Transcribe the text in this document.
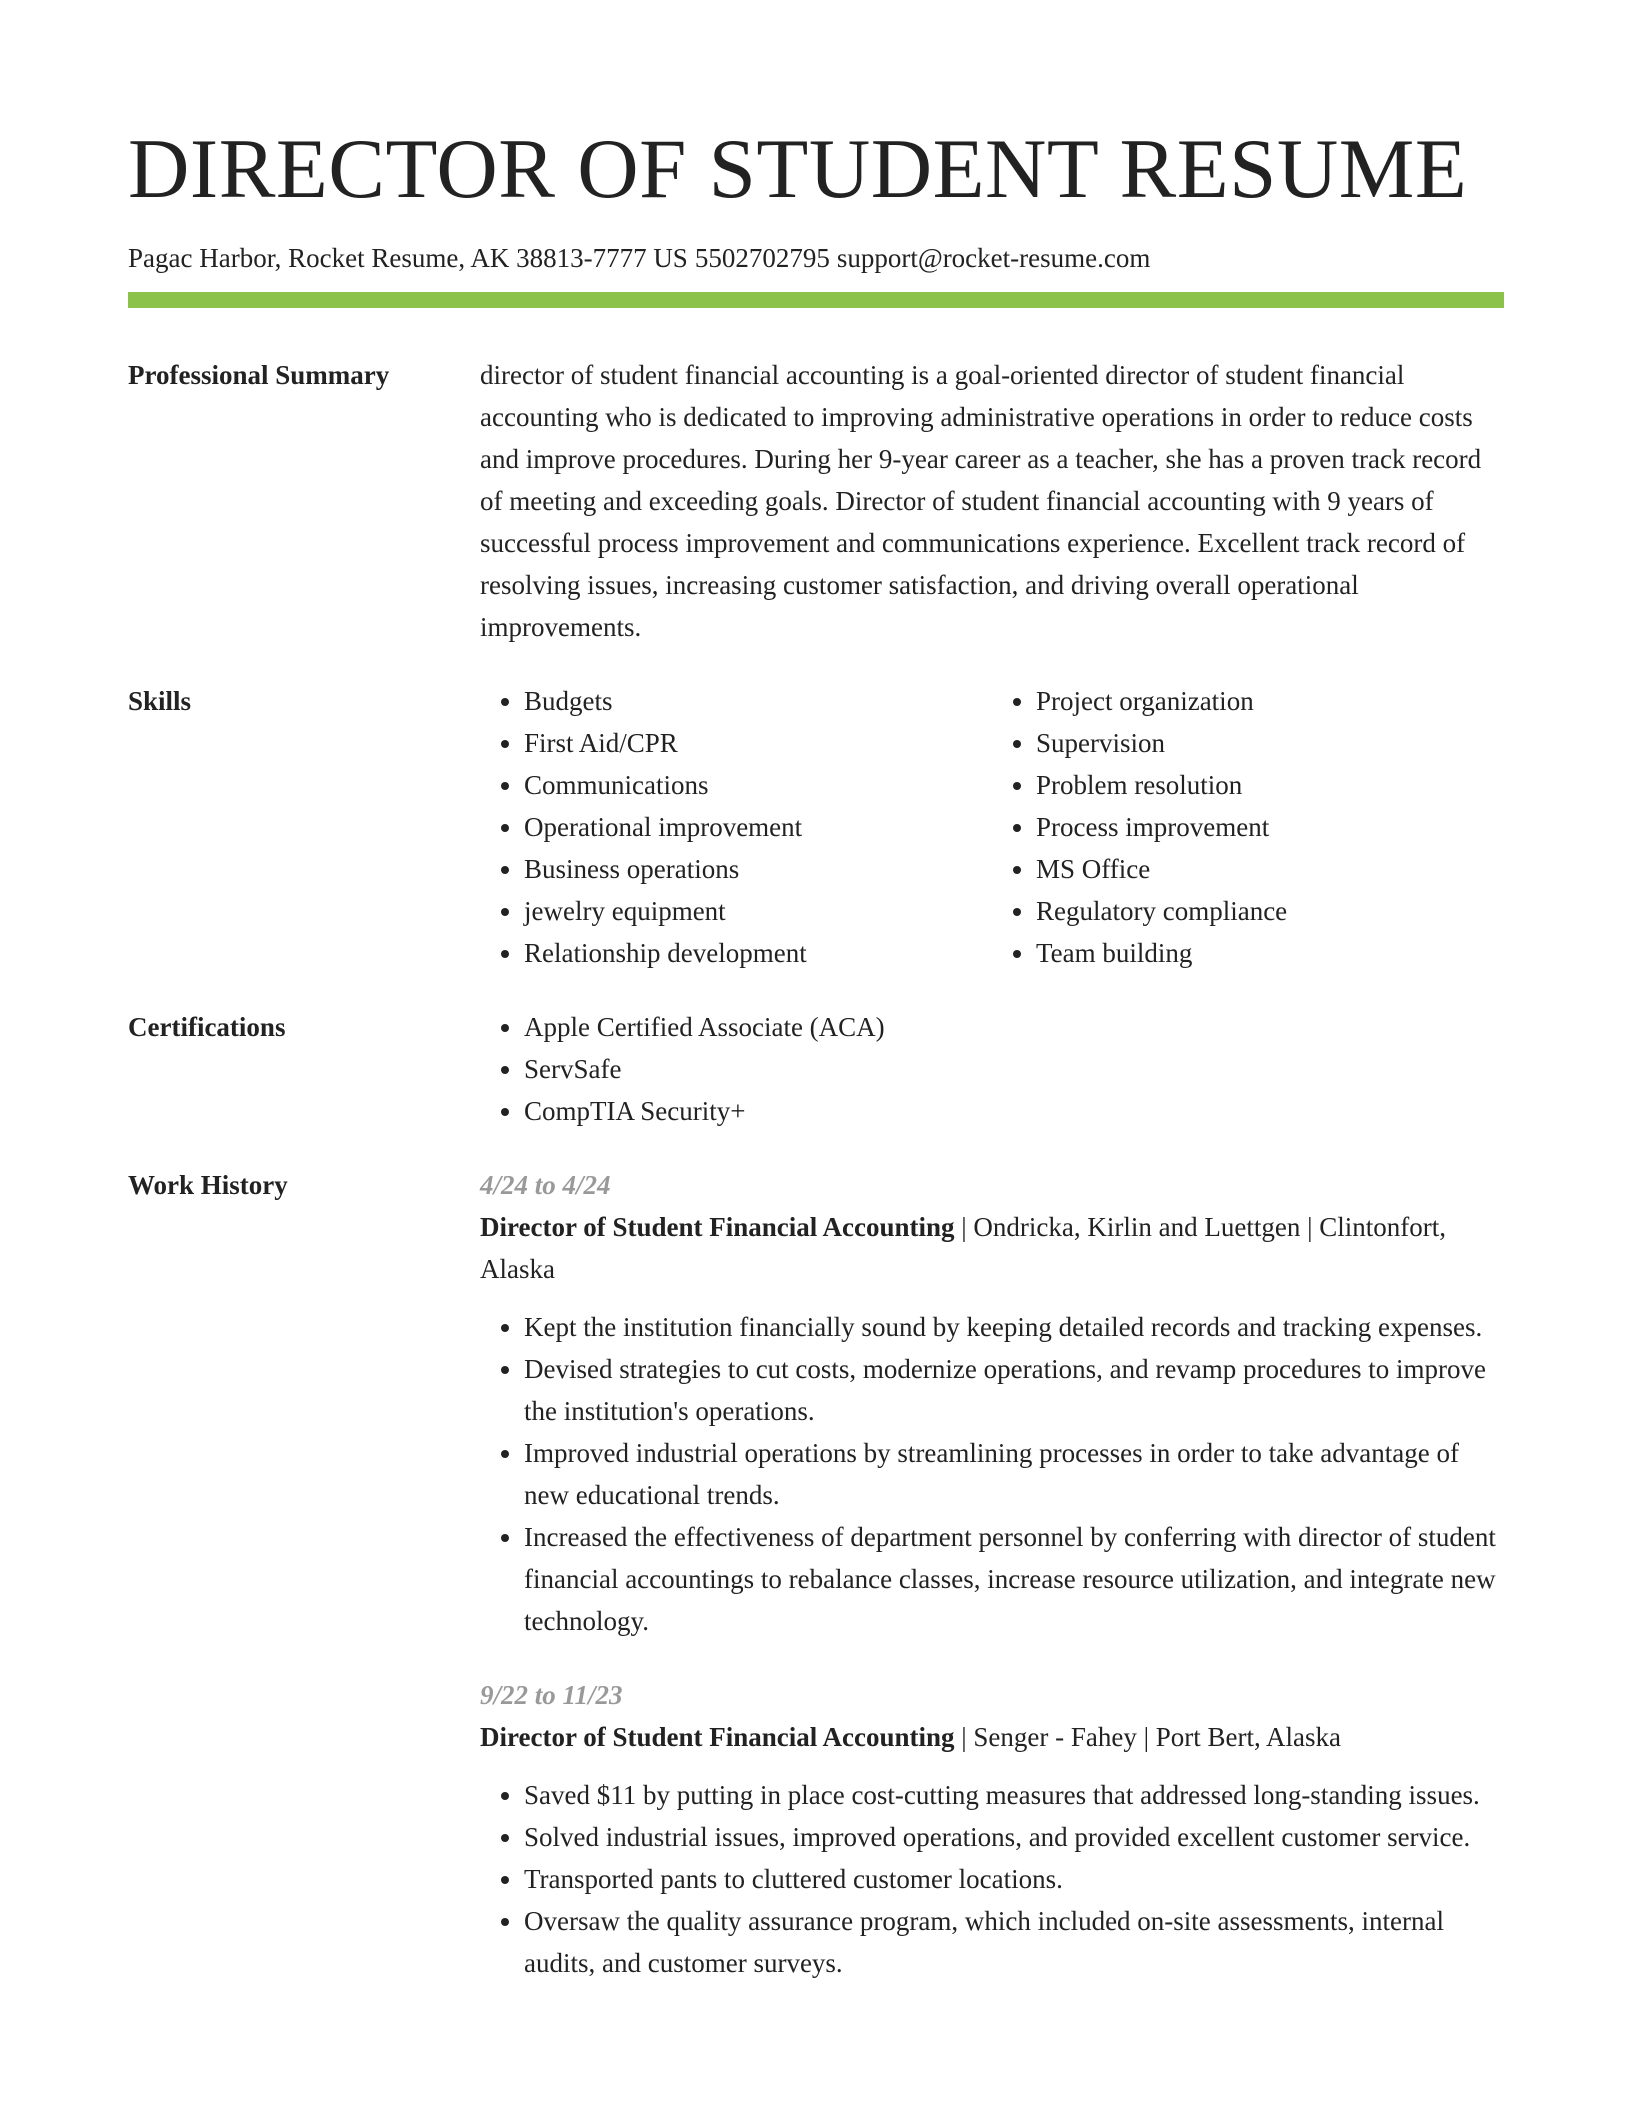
DIRECTOR OF STUDENT RESUME
Pagac Harbor, Rocket Resume, AK 38813-7777 US 5502702795 support@rocket-resume.com
Professional Summary	director of student financial accounting is a goal-oriented director of student financial accounting who is dedicated to improving administrative operations in order to reduce costs and improve procedures. During her 9-year career as a teacher, she has a proven track record of meeting and exceeding goals. Director of student financial accounting with 9 years of successful process improvement and communications experience. Excellent track record of resolving issues, increasing customer satisfaction, and driving overall operational improvements.

Skills	• Budgets
• First Aid/CPR
• Communications
• Operational improvement
• Business operations
• jewelry equipment
• Relationship development
• Project organization
• Supervision
• Problem resolution
• Process improvement
• MS Office
• Regulatory compliance
• Team building
Certifications	• Apple Certified Associate (ACA)
• ServSafe
• CompTIA Security+
Work History	4/24 to 4/24
Director of Student Financial Accounting | Ondricka, Kirlin and Luettgen | Clintonfort, Alaska
• Kept the institution financially sound by keeping detailed records and tracking expenses.
• Devised strategies to cut costs, modernize operations, and revamp procedures to improve the institution's operations.
• Improved industrial operations by streamlining processes in order to take advantage of new educational trends.
• Increased the effectiveness of department personnel by conferring with director of student financial accountings to rebalance classes, increase resource utilization, and integrate new technology.
9/22 to 11/23
Director of Student Financial Accounting | Senger - Fahey | Port Bert, Alaska
• Saved $11 by putting in place cost-cutting measures that addressed long-standing issues.
• Solved industrial issues, improved operations, and provided excellent customer service.
• Transported pants to cluttered customer locations.
• Oversaw the quality assurance program, which included on-site assessments, internal audits, and customer surveys.
